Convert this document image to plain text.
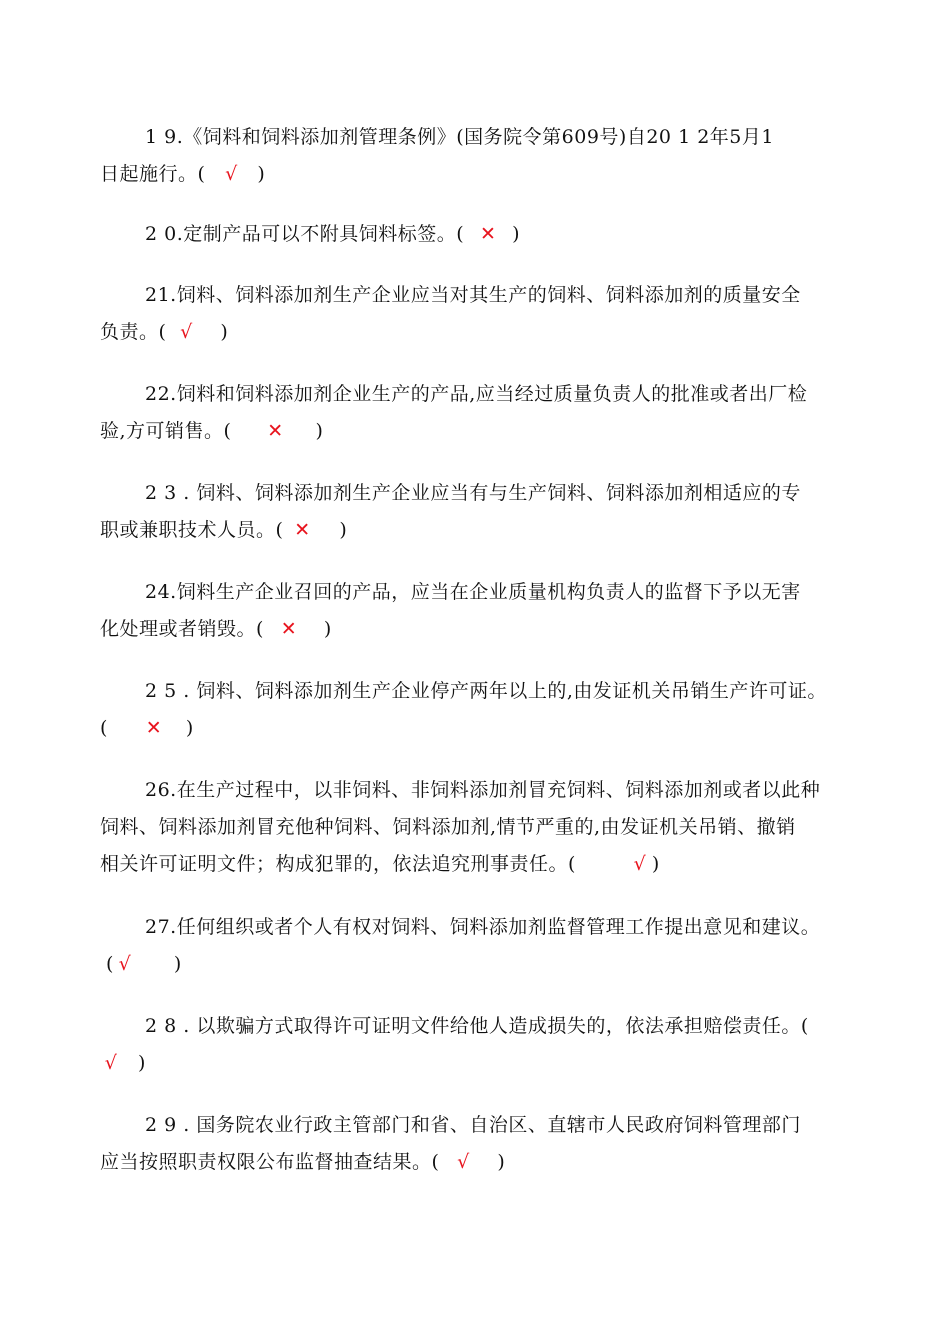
1 9.《饲料和饲料添加剂管理条例》(国务院令第609号)自20 1 2年5月1
日起施行。( √ )
2 0.定制产品可以不附具饲料标签。( ✕ )
21.饲料、饲料添加剂生产企业应当对其生产的饲料、饲料添加剂的质量安全
负责。( √ )
22.饲料和饲料添加剂企业生产的产品,应当经过质量负责人的批准或者出厂检
验,方可销售。( ✕ )
2 3 . 饲料、饲料添加剂生产企业应当有与生产饲料、饲料添加剂相适应的专
职或兼职技术人员。( ✕ )
24.饲料生产企业召回的产品，应当在企业质量机构负责人的监督下予以无害
化处理或者销毁。( ✕ )
2 5 . 饲料、饲料添加剂生产企业停产两年以上的,由发证机关吊销生产许可证。
( ✕ )
26.在生产过程中，以非饲料、非饲料添加剂冒充饲料、饲料添加剂或者以此种
饲料、饲料添加剂冒充他种饲料、饲料添加剂,情节严重的,由发证机关吊销、撤销
相关许可证明文件；构成犯罪的，依法追究刑事责任。(	√ )
27.任何组织或者个人有权对饲料、饲料添加剂监督管理工作提出意见和建议。
( √ )
2 8 . 以欺骗方式取得许可证明文件给他人造成损失的，依法承担赔偿责任。(
√ )
2 9 . 国务院农业行政主管部门和省、自治区、直辖市人民政府饲料管理部门
应当按照职责权限公布监督抽查结果。( √ )
